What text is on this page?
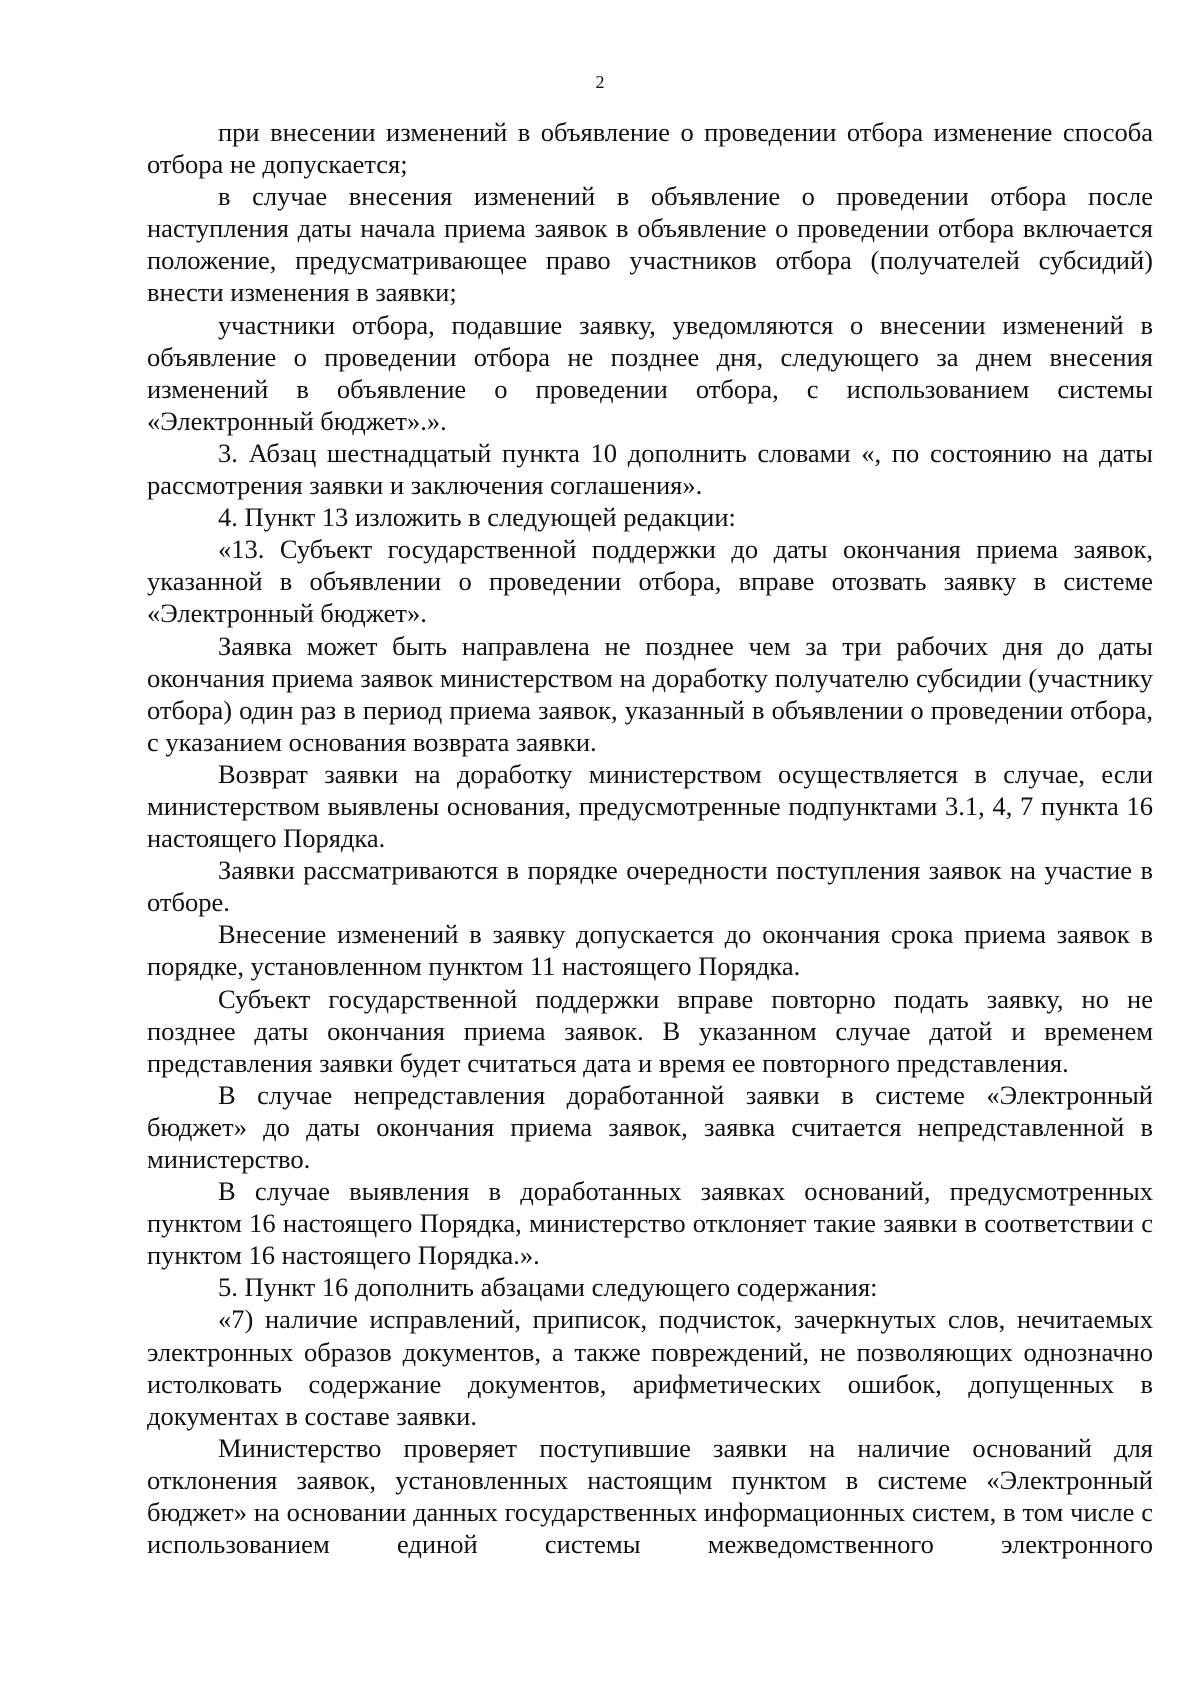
2

при внесении изменений в объявление о проведении отбора изменение способа отбора не допускается;

в случае внесения изменений в объявление о проведении отбора после наступления даты начала приема заявок в объявление о проведении отбора включается положение, предусматривающее право участников отбора (получателей субсидий) внести изменения в заявки;

участники отбора, подавшие заявку, уведомляются о внесении изменений в объявление о проведении отбора не позднее дня, следующего за днем внесения изменений в объявление о проведении отбора, с использованием системы «Электронный бюджет».».

3. Абзац шестнадцатый пункта 10 дополнить словами «, по состоянию на даты рассмотрения заявки и заключения соглашения».

4. Пункт 13 изложить в следующей редакции:

«13. Субъект государственной поддержки до даты окончания приема заявок, указанной в объявлении о проведении отбора, вправе отозвать заявку в системе «Электронный бюджет».

Заявка может быть направлена не позднее чем за три рабочих дня до даты окончания приема заявок министерством на доработку получателю субсидии (участнику отбора) один раз в период приема заявок, указанный в объявлении о проведении отбора, с указанием основания возврата заявки.

Возврат заявки на доработку министерством осуществляется в случае, если министерством выявлены основания, предусмотренные подпунктами 3.1, 4, 7 пункта 16 настоящего Порядка.

Заявки рассматриваются в порядке очередности поступления заявок на участие в отборе.

Внесение изменений в заявку допускается до окончания срока приема заявок в порядке, установленном пунктом 11 настоящего Порядка.

Субъект государственной поддержки вправе повторно подать заявку, но не позднее даты окончания приема заявок. В указанном случае датой и временем представления заявки будет считаться дата и время ее повторного представления.

В случае непредставления доработанной заявки в системе «Электронный бюджет» до даты окончания приема заявок, заявка считается непредставленной в министерство.

В случае выявления в доработанных заявках оснований, предусмотренных пунктом 16 настоящего Порядка, министерство отклоняет такие заявки в соответствии с пунктом 16 настоящего Порядка.».

5. Пункт 16 дополнить абзацами следующего содержания:

«7) наличие исправлений, приписок, подчисток, зачеркнутых слов, нечитаемых электронных образов документов, а также повреждений, не позволяющих однозначно истолковать содержание документов, арифметических ошибок, допущенных в документах в составе заявки.

Министерство проверяет поступившие заявки на наличие оснований для отклонения заявок, установленных настоящим пунктом в системе «Электронный бюджет» на основании данных государственных информационных систем, в том числе с использованием единой системы межведомственного электронного
